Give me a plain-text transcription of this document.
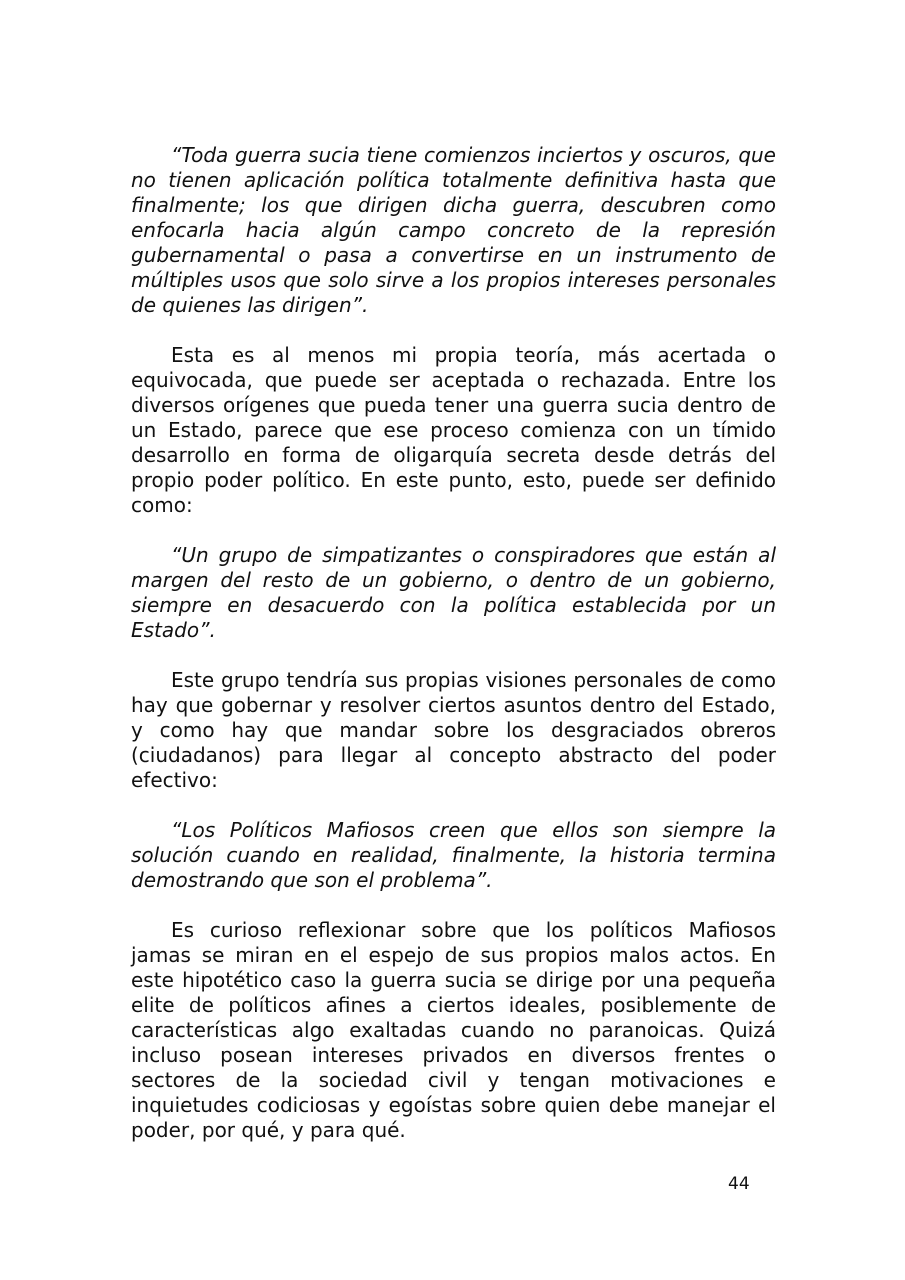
“Toda guerra sucia tiene comienzos inciertos y oscuros, que no tienen aplicación política totalmente definitiva hasta que finalmente; los que dirigen dicha guerra, descubren como enfocarla hacia algún campo concreto de la represión gubernamental o pasa a convertirse en un instrumento de múltiples usos que solo sirve a los propios intereses personales de quienes las dirigen”.

Esta es al menos mi propia teoría, más acertada o equivocada, que puede ser aceptada o rechazada. Entre los diversos orígenes que pueda tener una guerra sucia dentro de un Estado, parece que ese proceso comienza con un tímido desarrollo en forma de oligarquía secreta desde detrás del propio poder político. En este punto, esto, puede ser definido como:

“Un grupo de simpatizantes o conspiradores que están al margen del resto de un gobierno, o dentro de un gobierno, siempre en desacuerdo con la política establecida por un Estado”.

Este grupo tendría sus propias visiones personales de como hay que gobernar y resolver ciertos asuntos dentro del Estado, y como hay que mandar sobre los desgraciados obreros (ciudadanos) para llegar al concepto abstracto del poder efectivo:

“Los Políticos Mafiosos creen que ellos son siempre la solución cuando en realidad, finalmente, la historia termina demostrando que son el problema”.

Es curioso reflexionar sobre que los políticos Mafiosos jamas se miran en el espejo de sus propios malos actos. En este hipotético caso la guerra sucia se dirige por una pequeña elite de políticos afines a ciertos ideales, posiblemente de características algo exaltadas cuando no paranoicas. Quizá incluso posean intereses privados en diversos frentes o sectores de la sociedad civil y tengan motivaciones e inquietudes codiciosas y egoístas sobre quien debe manejar el poder, por qué, y para qué.

44
